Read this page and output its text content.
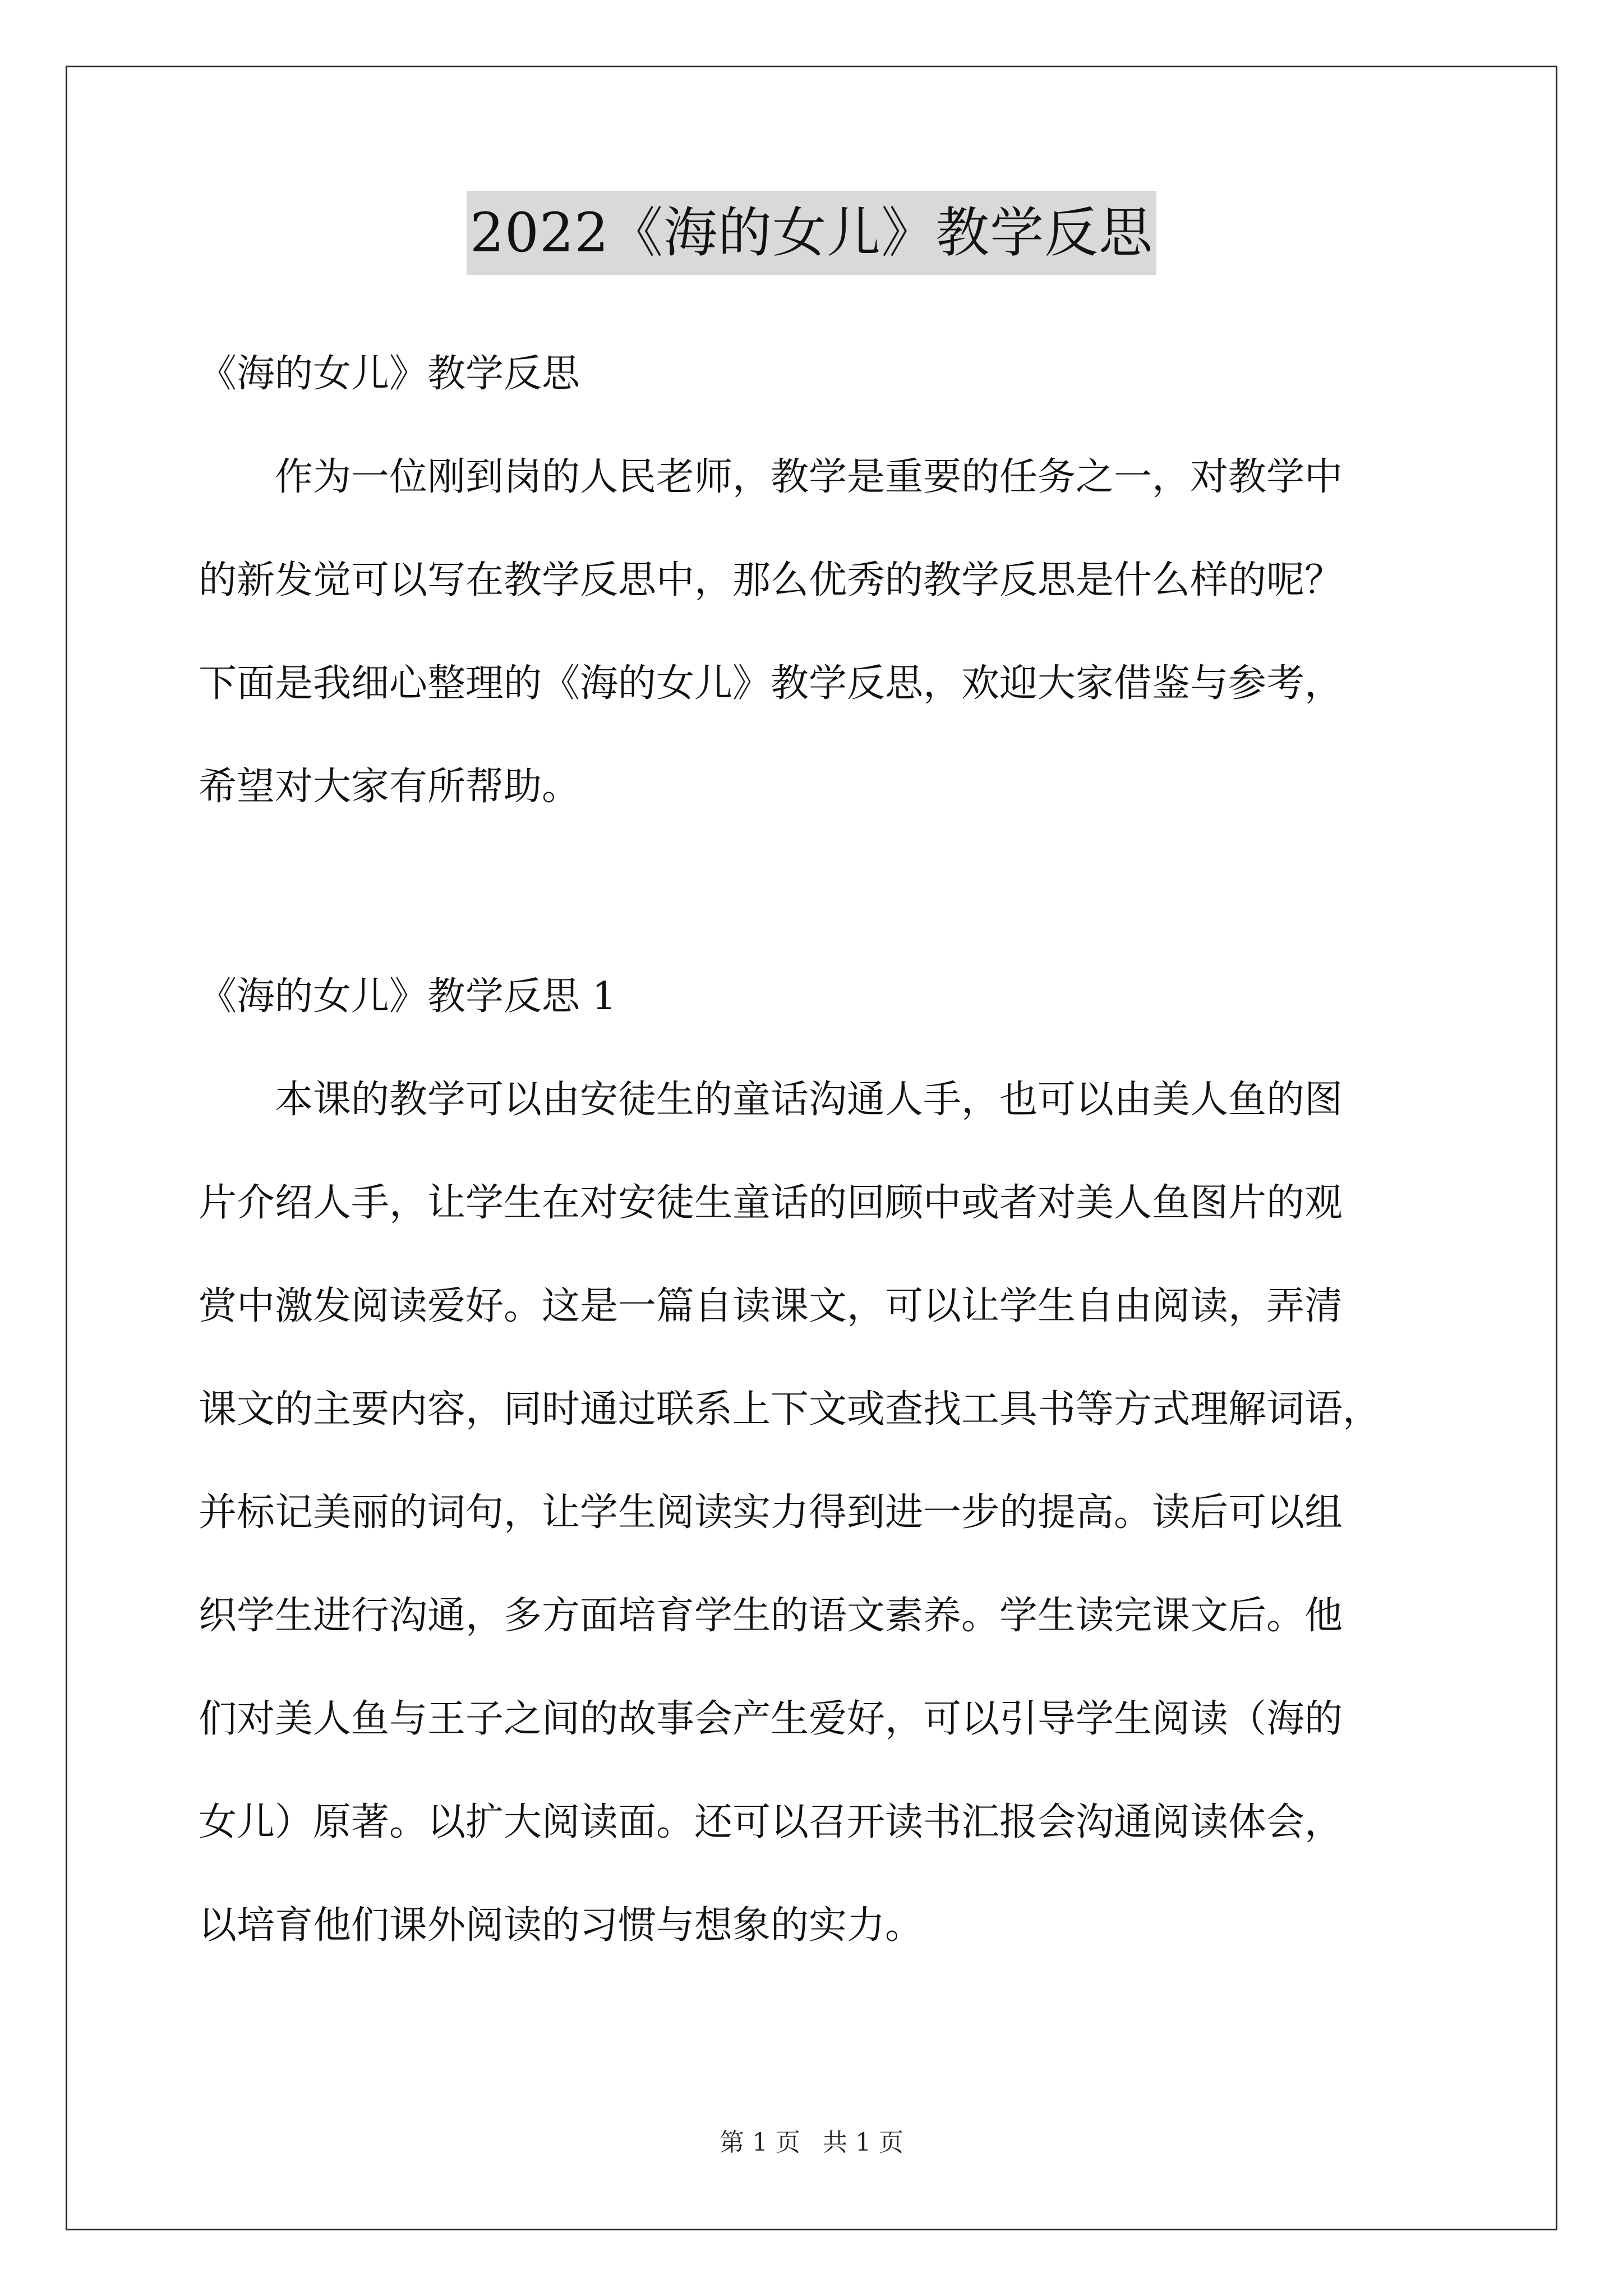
2022《海的女儿》教学反思

《海的女儿》教学反思

　　作为一位刚到岗的人民老师，教学是重要的任务之一，对教学中

的新发觉可以写在教学反思中，那么优秀的教学反思是什么样的呢？

下面是我细心整理的《海的女儿》教学反思，欢迎大家借鉴与参考，

希望对大家有所帮助。

《海的女儿》教学反思 1

　　本课的教学可以由安徒生的童话沟通人手，也可以由美人鱼的图

片介绍人手，让学生在对安徒生童话的回顾中或者对美人鱼图片的观

赏中激发阅读爱好。这是一篇自读课文，可以让学生自由阅读，弄清

课文的主要内容，同时通过联系上下文或查找工具书等方式理解词语，

并标记美丽的词句，让学生阅读实力得到进一步的提高。读后可以组

织学生进行沟通，多方面培育学生的语文素养。学生读完课文后。他

们对美人鱼与王子之间的故事会产生爱好，可以引导学生阅读（海的

女儿）原著。以扩大阅读面。还可以召开读书汇报会沟通阅读体会，

以培育他们课外阅读的习惯与想象的实力。

第 1 页 共 1 页
